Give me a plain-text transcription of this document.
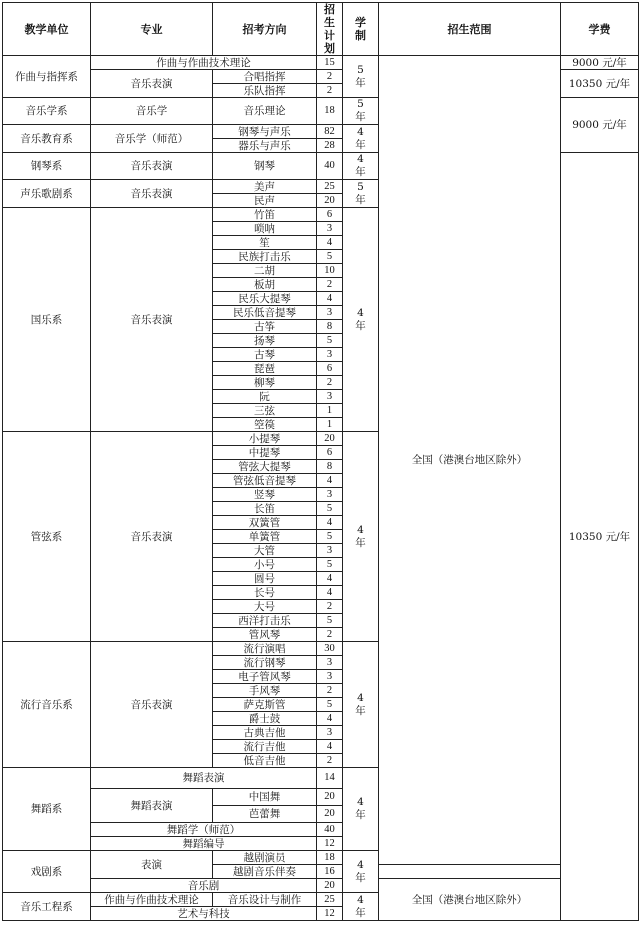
教学单位	专业	招考方向	招生计划	学制	招生范围	学费	
作曲与指挥系	作曲与作曲技术理论		15	5年	全国（港澳台地区除外）	9000 元/年	
	音乐表演	合唱指挥	2			10350 元/年	
		乐队指挥	2				
音乐学系	音乐学	音乐理论	18	5年		9000 元/年	
音乐教育系	音乐学（师范）	钢琴与声乐	82	4年			
		器乐与声乐	28				
钢琴系	音乐表演	钢琴	40	4年		10350 元/年	
声乐歌剧系	音乐表演	美声	25	5年			
		民声	20				
国乐系	音乐表演	竹笛	6	4年			
		唢呐	3				
		笙	4				
		民族打击乐	5				
		二胡	10				
		板胡	2				
		民乐大提琴	4				
		民乐低音提琴	3				
		古筝	8				
		扬琴	5				
		古琴	3				
		琵琶	6				
		柳琴	2				
		阮	3				
		三弦	1				
		箜篌	1				
管弦系	音乐表演	小提琴	20	4年			
		中提琴	6				
		管弦大提琴	8				
		管弦低音提琴	4				
		竖琴	3				
		长笛	5				
		双簧管	4				
		单簧管	5				
		大管	3				
		小号	5				
		圆号	4				
		长号	4				
		大号	2				
		西洋打击乐	5				
		管风琴	2				
流行音乐系	音乐表演	流行演唱	30	4年			
		流行钢琴	3				
		电子管风琴	3				
		手风琴	2				
		萨克斯管	5				
		爵士鼓	4				
		古典吉他	3				
		流行吉他	4				
		低音吉他	2				
舞蹈系	舞蹈表演		14	4年	
	舞蹈表演	中国舞	20	
		芭蕾舞	20				
	舞蹈学（师范）		40	
	舞蹈编导		12	
戏剧系	表演	越剧演员	18	4年	
		越剧音乐伴奏	16				
	音乐剧		20		全国（港澳台地区除外）		
音乐工程系	作曲与作曲技术理论	音乐设计与制作	25	4年			
	艺术与科技		12				
